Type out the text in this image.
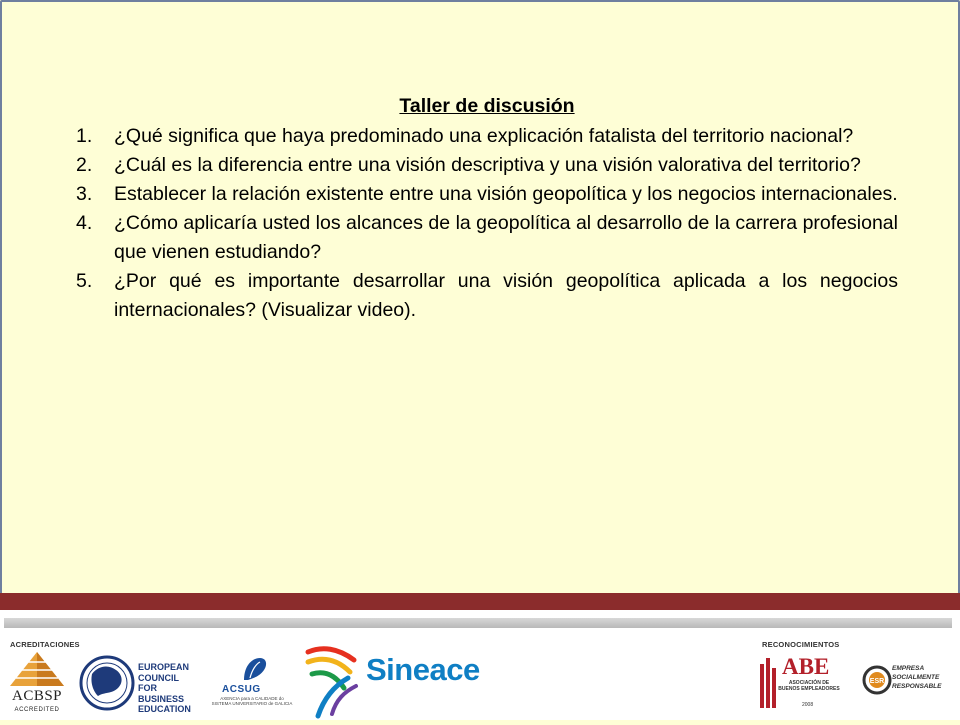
Taller de discusión
1. ¿Qué significa que haya predominado una explicación fatalista del territorio nacional?
2. ¿Cuál es la diferencia entre una visión descriptiva y una visión valorativa del territorio?
3. Establecer la relación existente entre una visión geopolítica y los negocios internacionales.
4. ¿Cómo aplicaría usted los alcances de la geopolítica al desarrollo de la carrera profesional que vienen estudiando?
5. ¿Por qué es importante desarrollar una visión geopolítica aplicada a los negocios internacionales? (Visualizar video).
ACREDITACIONES	RECONOCIMIENTOS
ACBSP
ACCREDITED
EUROPEAN
COUNCIL FOR
BUSINESS
EDUCATION
ACSUG
AXENCIA para a CALIDADE do SISTEMA UNIVERSITARIO de GALICIA
Sineace	ABE
ASOCIACIÓN DE BUENOS EMPLEADORES
2008
ESR
EMPRESA
SOCIALMENTE
RESPONSABLE
